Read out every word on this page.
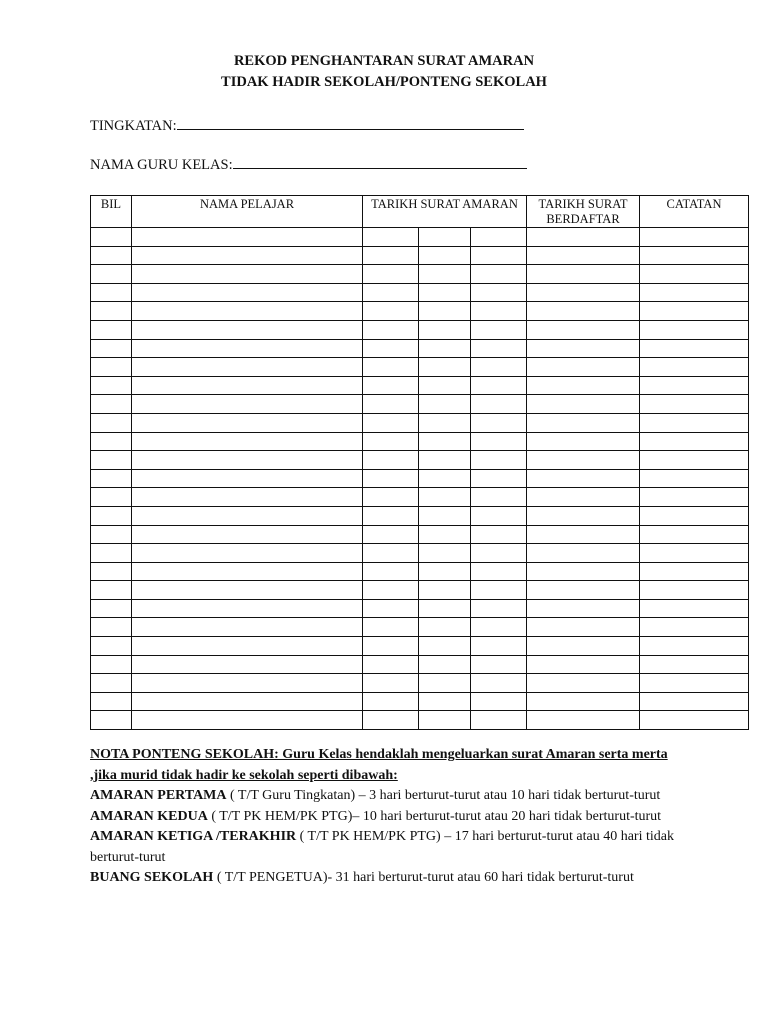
REKOD PENGHANTARAN SURAT AMARAN
TIDAK HADIR SEKOLAH/PONTENG SEKOLAH
TINGKATAN:
NAMA GURU KELAS:
BIL	NAMA PELAJAR	TARIKH SURAT AMARAN			TARIKH SURAT BERDAFTAR	CATATAN

NOTA PONTENG SEKOLAH: Guru Kelas hendaklah mengeluarkan surat Amaran serta merta ,jika murid tidak hadir ke sekolah seperti dibawah:

AMARAN PERTAMA ( T/T Guru Tingkatan) – 3 hari berturut-turut atau 10 hari tidak berturut-turut

AMARAN KEDUA ( T/T PK HEM/PK PTG)– 10 hari berturut-turut atau 20 hari tidak berturut-turut

AMARAN KETIGA /TERAKHIR ( T/T PK HEM/PK PTG) – 17 hari berturut-turut atau 40 hari tidak berturut-turut

BUANG SEKOLAH ( T/T PENGETUA)- 31 hari berturut-turut atau 60 hari tidak berturut-turut
